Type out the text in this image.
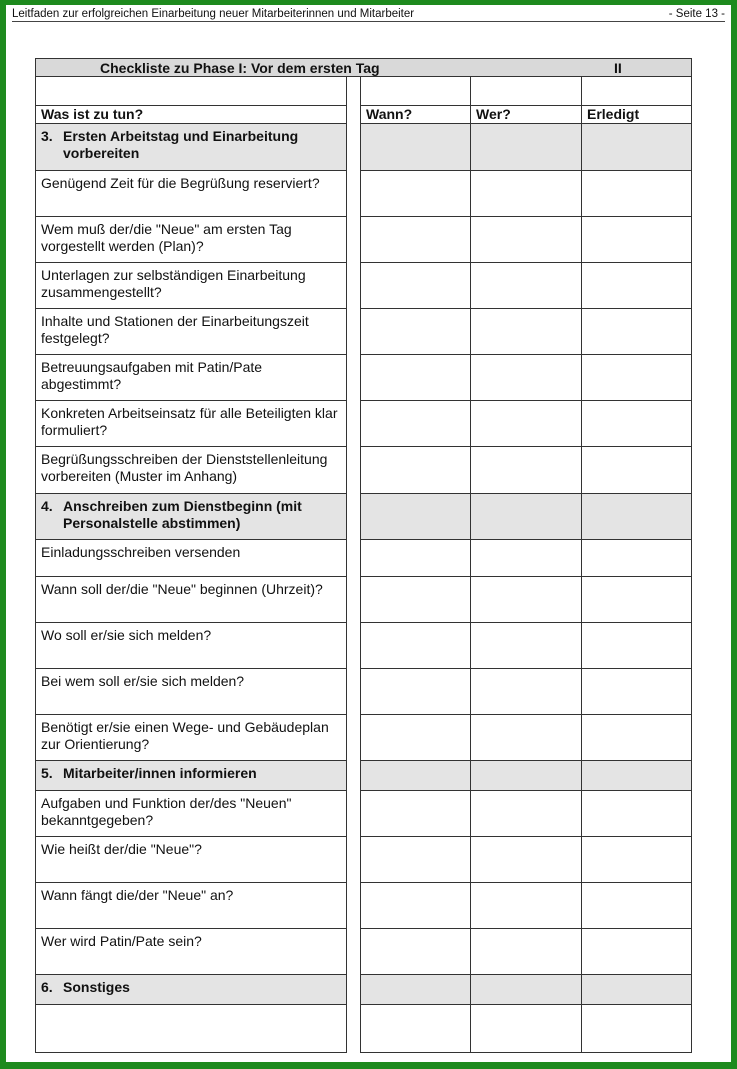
Leitfaden zur erfolgreichen Einarbeitung neuer Mitarbeiterinnen und Mitarbeiter	- Seite 13 -
Checkliste zu Phase I: Vor dem ersten Tag	II

Was ist zu tun?		Wann?	Wer?	Erledigt

3. Ersten Arbeitstag und Einarbeitung vorbereiten				

Genügend Zeit für die Begrüßung reserviert?				
Wem muß der/die "Neue" am ersten Tag vorgestellt werden (Plan)?				
Unterlagen zur selbständigen Einarbeitung zusammengestellt?				
Inhalte und Stationen der Einarbeitungszeit festgelegt?				
Betreuungsaufgaben mit Patin/Pate abgestimmt?				
Konkreten Arbeitseinsatz für alle Beteiligten klar formuliert?				
Begrüßungsschreiben der Dienststellenleitung vorbereiten (Muster im Anhang)				

4. Anschreiben zum Dienstbeginn (mit Personalstelle abstimmen)				

Einladungsschreiben versenden				
Wann soll der/die "Neue" beginnen (Uhrzeit)?				
Wo soll er/sie sich melden?				
Bei wem soll er/sie sich melden?				
Benötigt er/sie einen Wege- und Gebäudeplan zur Orientierung?				

5. Mitarbeiter/innen informieren				

Aufgaben und Funktion der/des "Neuen" bekanntgegeben?				
Wie heißt der/die "Neue"?				
Wann fängt die/der "Neue" an?				
Wer wird Patin/Pate sein?				

6. Sonstiges				
